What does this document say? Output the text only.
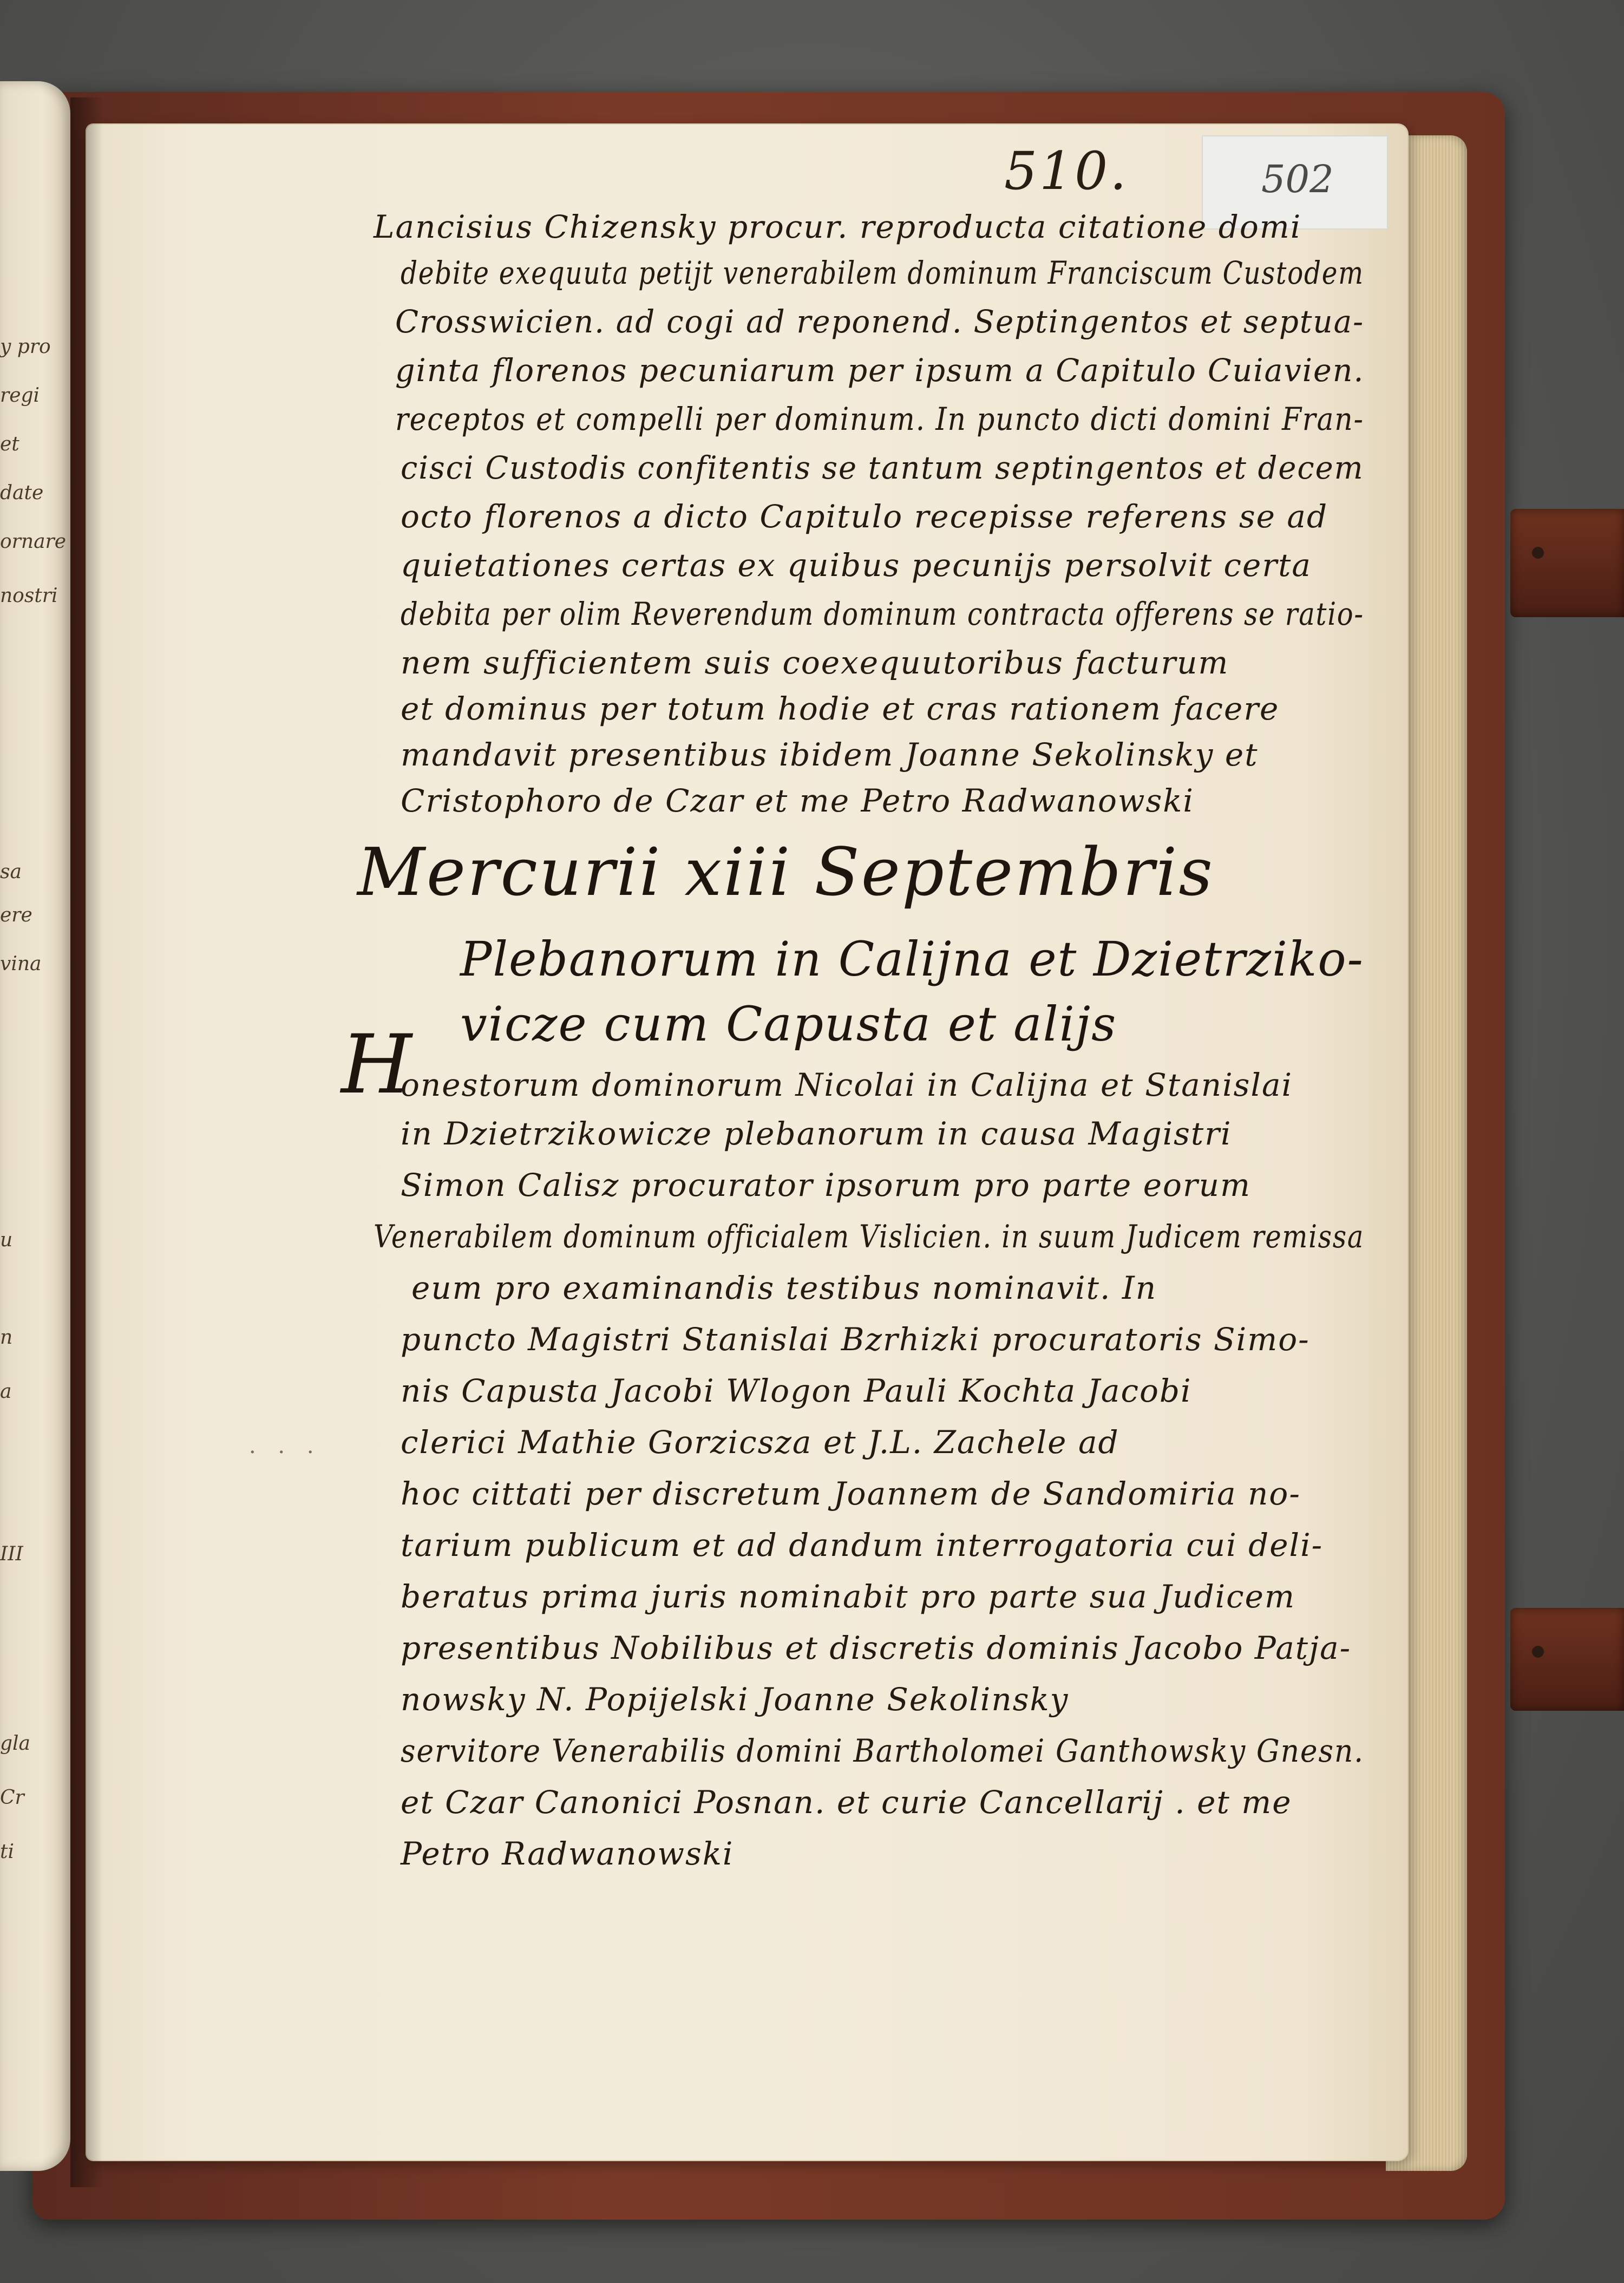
y pro
regi
et
date
ornare
nostri
sa
ere
vina
u
n
a
III
gla
Cr
ti
510.	502
Lancisius Chizensky procur. reproducta citatione domi
debite exequuta petijt venerabilem dominum Franciscum Custodem
Crosswicien. ad cogi ad reponend. Septingentos et septua-
ginta florenos pecuniarum per ipsum a Capitulo Cuiavien.
receptos et compelli per dominum. In puncto dicti domini Fran-
cisci Custodis confitentis se tantum septingentos et decem
octo florenos a dicto Capitulo recepisse referens se ad
quietationes certas ex quibus pecunijs persolvit certa
debita per olim Reverendum dominum contracta offerens se ratio-
nem sufficientem suis coexequutoribus facturum
et dominus per totum hodie et cras rationem facere
mandavit presentibus ibidem Joanne Sekolinsky et
Cristophoro de Czar et me Petro Radwanowski
Mercurii xiii Septembris
Plebanorum in Calijna et Dzietrziko-
vicze cum Capusta et alijs
H
onestorum dominorum Nicolai in Calijna et Stanislai
in Dzietrzikowicze plebanorum in causa Magistri
Simon Calisz procurator ipsorum pro parte eorum
Venerabilem dominum officialem Vislicien. in suum Judicem remissa
eum pro examinandis testibus nominavit. In
puncto Magistri Stanislai Bzrhizki procuratoris Simo-
nis Capusta Jacobi Wlogon Pauli Kochta Jacobi
clerici Mathie Gorzicsza et J.L. Zachele ad
hoc cittati per discretum Joannem de Sandomiria no-
tarium publicum et ad dandum interrogatoria cui deli-
beratus prima juris nominabit pro parte sua Judicem
presentibus Nobilibus et discretis dominis Jacobo Patja-
nowsky N. Popijelski Joanne Sekolinsky
servitore Venerabilis domini Bartholomei Ganthowsky Gnesn.
et Czar Canonici Posnan. et curie Cancellarij . et me
Petro Radwanowski
· · ·
